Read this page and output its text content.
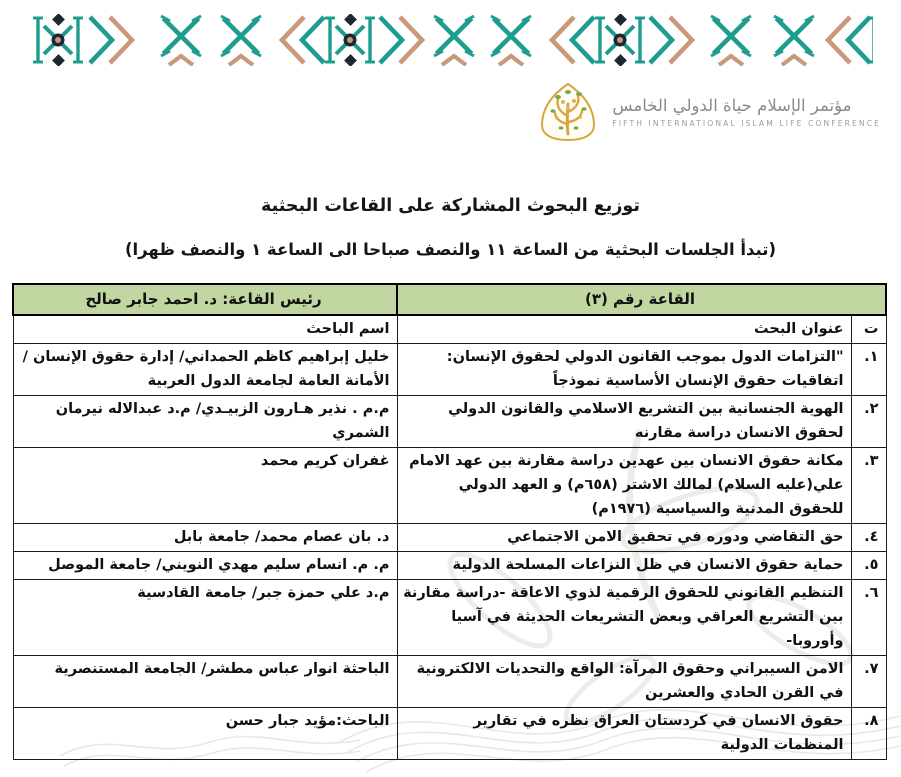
مؤتمر الإسلام حياة الدولي الخامس
FIFTH INTERNATIONAL ISLAM LIFE CONFERENCE
توزيع البحوث المشاركة على القاعات البحثية
(تبدأ الجلسات البحثية من الساعة ١١ والنصف صباحا الى الساعة ١ والنصف ظهرا)
القاعة رقم (٣)		رئيس القاعة: د. احمد جابر صالح
ت	عنوان البحث	اسم الباحث
١.	"التزامات الدول بموجب القانون الدولي لحقوق الإنسان: اتفاقيات حقوق الإنسان الأساسية نموذجاً	خليل إبراهيم كاظم الحمداني/ إدارة حقوق الإنسان / الأمانة العامة لجامعة الدول العربية
٢.	الهوية الجنسانية بين التشريع الاسلامي والقانون الدولي لحقوق الانسان دراسة مقارنه	م.م . نذير هـارون الزبيـدي/ م.د عبدالاله نيرمان الشمري
٣.	مكانة حقوق الانسان بين عهدين دراسة مقارنة بين عهد الامام علي(عليه السلام) لمالك الاشتر (٦٥٨م) و العهد الدولي للحقوق المدنية والسياسية (١٩٧٦م)	غفران كريم محمد
٤.	حق التقاضي ودوره في تحقيق الامن الاجتماعي	د. بان عصام محمد/ جامعة بابل
٥.	حماية حقوق الانسان في ظل النزاعات المسلحة الدولية	م. م. انسام سليم مهدي النويني/ جامعة الموصل
٦.	التنظيم القانوني للحقوق الرقمية لذوي الاعاقة -دراسة مقارنة بين التشريع العراقي وبعض التشريعات الحديثة في آسيا وأوروبا-	م.د علي حمزة جبر/ جامعة القادسية
٧.	الامن السيبراني وحقوق المرآة: الواقع والتحديات الالكترونية في القرن الحادي والعشرين	الباحثة انوار عباس مطشر/ الجامعة المستنصرية
٨.	حقوق الانسان في كردستان العراق نظره في تقارير المنظمات الدولية	الباحث:مؤيد جبار حسن
